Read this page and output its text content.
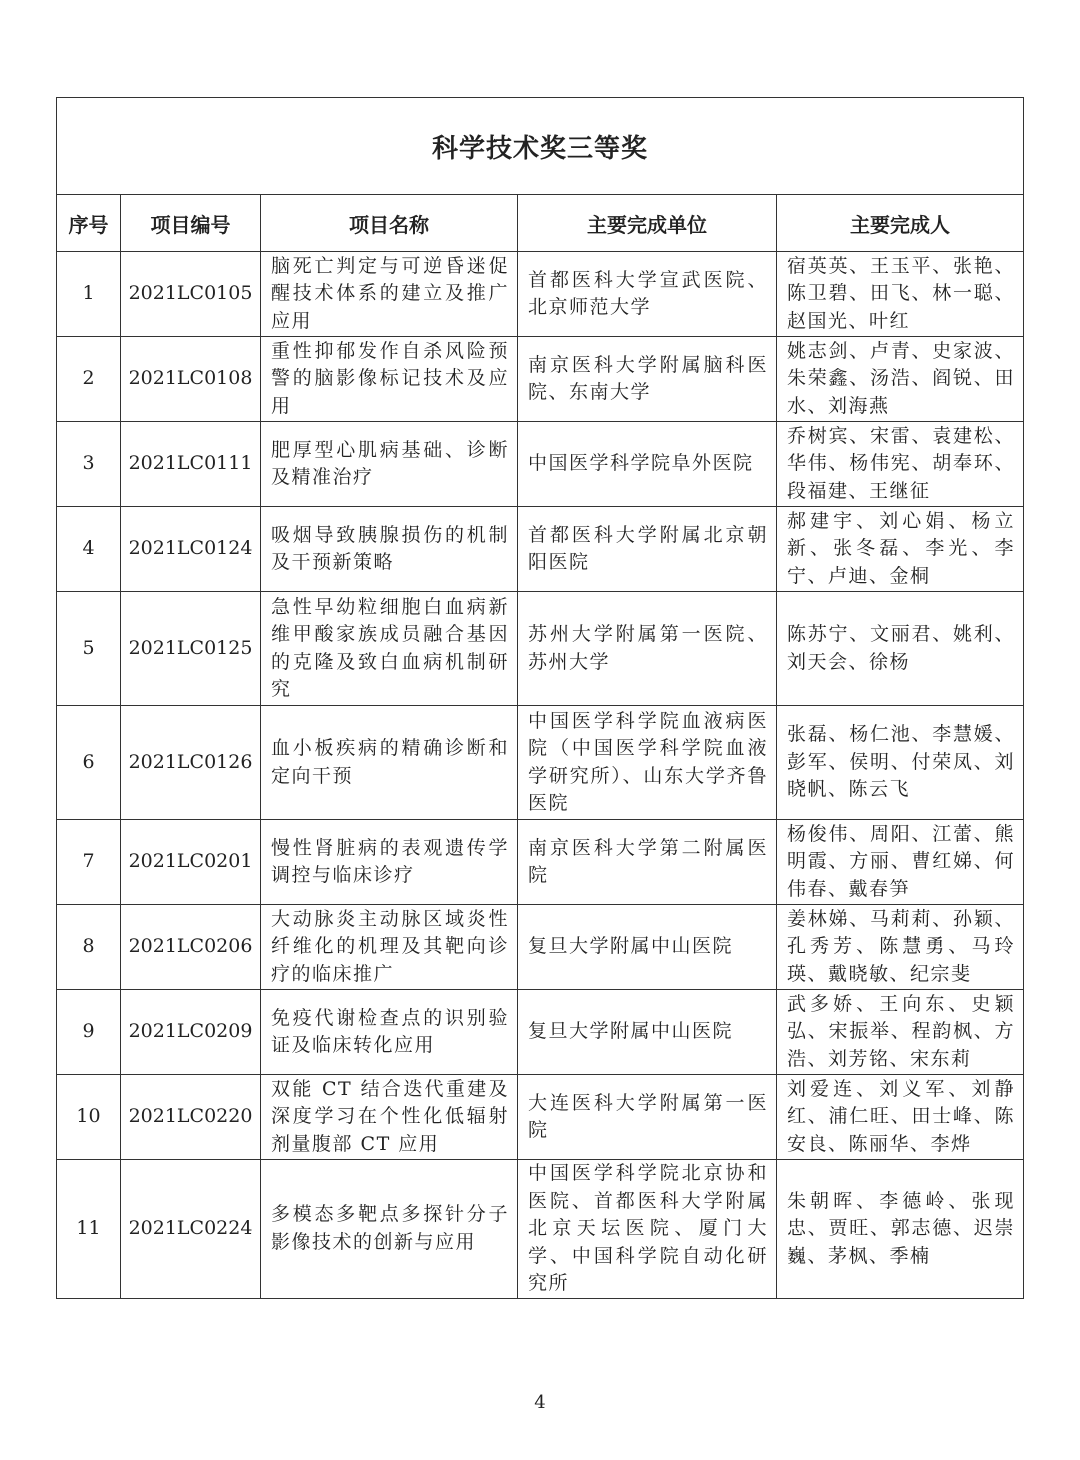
科学技术奖三等奖				
序号	项目编号	项目名称	主要完成单位	主要完成人
1	2021LC0105	脑死亡判定与可逆昏迷促醒技术体系的建立及推广应用	首都医科大学宣武医院、北京师范大学	宿英英、王玉平、张艳、陈卫碧、田飞、林一聪、赵国光、叶红
2	2021LC0108	重性抑郁发作自杀风险预警的脑影像标记技术及应用	南京医科大学附属脑科医院、东南大学	姚志剑、卢青、史家波、朱荣鑫、汤浩、阎锐、田水、刘海燕
3	2021LC0111	肥厚型心肌病基础、诊断及精准治疗	中国医学科学院阜外医院	乔树宾、宋雷、袁建松、华伟、杨伟宪、胡奉环、段福建、王继征
4	2021LC0124	吸烟导致胰腺损伤的机制及干预新策略	首都医科大学附属北京朝阳医院	郝建宇、刘心娟、杨立新、张冬磊、李光、李宁、卢迪、金桐
5	2021LC0125	急性早幼粒细胞白血病新维甲酸家族成员融合基因的克隆及致白血病机制研究	苏州大学附属第一医院、苏州大学	陈苏宁、文丽君、姚利、刘天会、徐杨
6	2021LC0126	血小板疾病的精确诊断和定向干预	中国医学科学院血液病医院（中国医学科学院血液学研究所）、山东大学齐鲁医院	张磊、杨仁池、李慧媛、彭军、侯明、付荣凤、刘晓帆、陈云飞
7	2021LC0201	慢性肾脏病的表观遗传学调控与临床诊疗	南京医科大学第二附属医院	杨俊伟、周阳、江蕾、熊明霞、方丽、曹红娣、何伟春、戴春笋
8	2021LC0206	大动脉炎主动脉区域炎性纤维化的机理及其靶向诊疗的临床推广	复旦大学附属中山医院	姜林娣、马莉莉、孙颖、孔秀芳、陈慧勇、马玲瑛、戴晓敏、纪宗斐
9	2021LC0209	免疫代谢检查点的识别验证及临床转化应用	复旦大学附属中山医院	武多娇、王向东、史颖弘、宋振举、程韵枫、方浩、刘芳铭、宋东莉
10	2021LC0220	双能 CT 结合迭代重建及深度学习在个性化低辐射剂量腹部 CT 应用	大连医科大学附属第一医院	刘爱连、刘义军、刘静红、浦仁旺、田士峰、陈安良、陈丽华、李烨
11	2021LC0224	多模态多靶点多探针分子影像技术的创新与应用	中国医学科学院北京协和医院、首都医科大学附属北京天坛医院、厦门大学、中国科学院自动化研究所	朱朝晖、李德岭、张现忠、贾旺、郭志德、迟崇巍、茅枫、季楠
4
